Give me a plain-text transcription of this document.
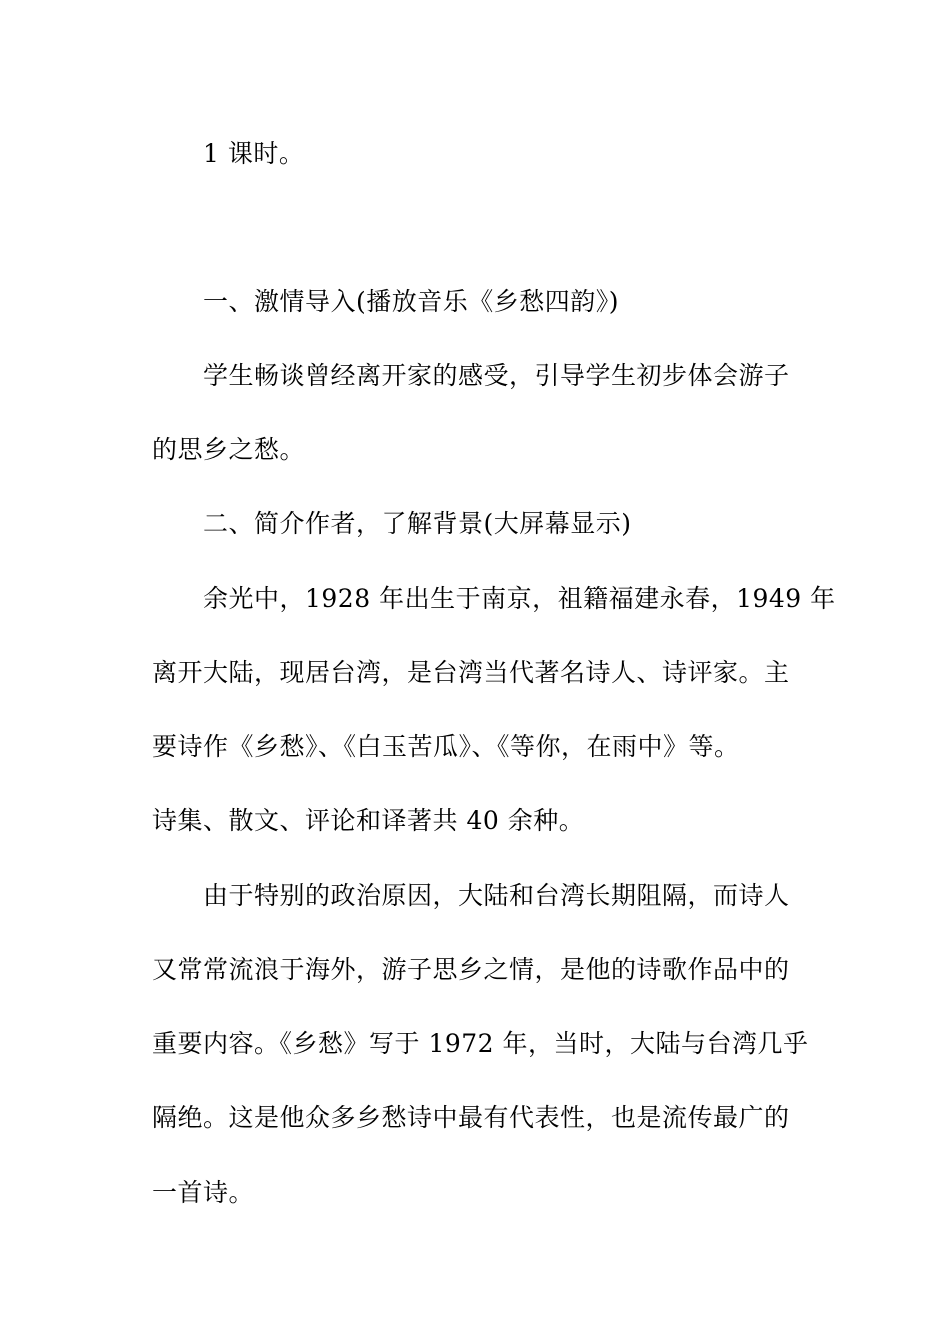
1 课时。
一、激情导入(播放音乐《乡愁四韵》)
学生畅谈曾经离开家的感受，引导学生初步体会游子
的思乡之愁。
二、简介作者，了解背景(大屏幕显示)
余光中，1928 年出生于南京，祖籍福建永春，1949 年
离开大陆，现居台湾，是台湾当代著名诗人、诗评家。主
要诗作《乡愁》、《白玉苦瓜》、《等你，在雨中》等。
诗集、散文、评论和译著共 40 余种。
由于特别的政治原因，大陆和台湾长期阻隔，而诗人
又常常流浪于海外，游子思乡之情，是他的诗歌作品中的
重要内容。《乡愁》写于 1972 年，当时，大陆与台湾几乎
隔绝。这是他众多乡愁诗中最有代表性，也是流传最广的
一首诗。
